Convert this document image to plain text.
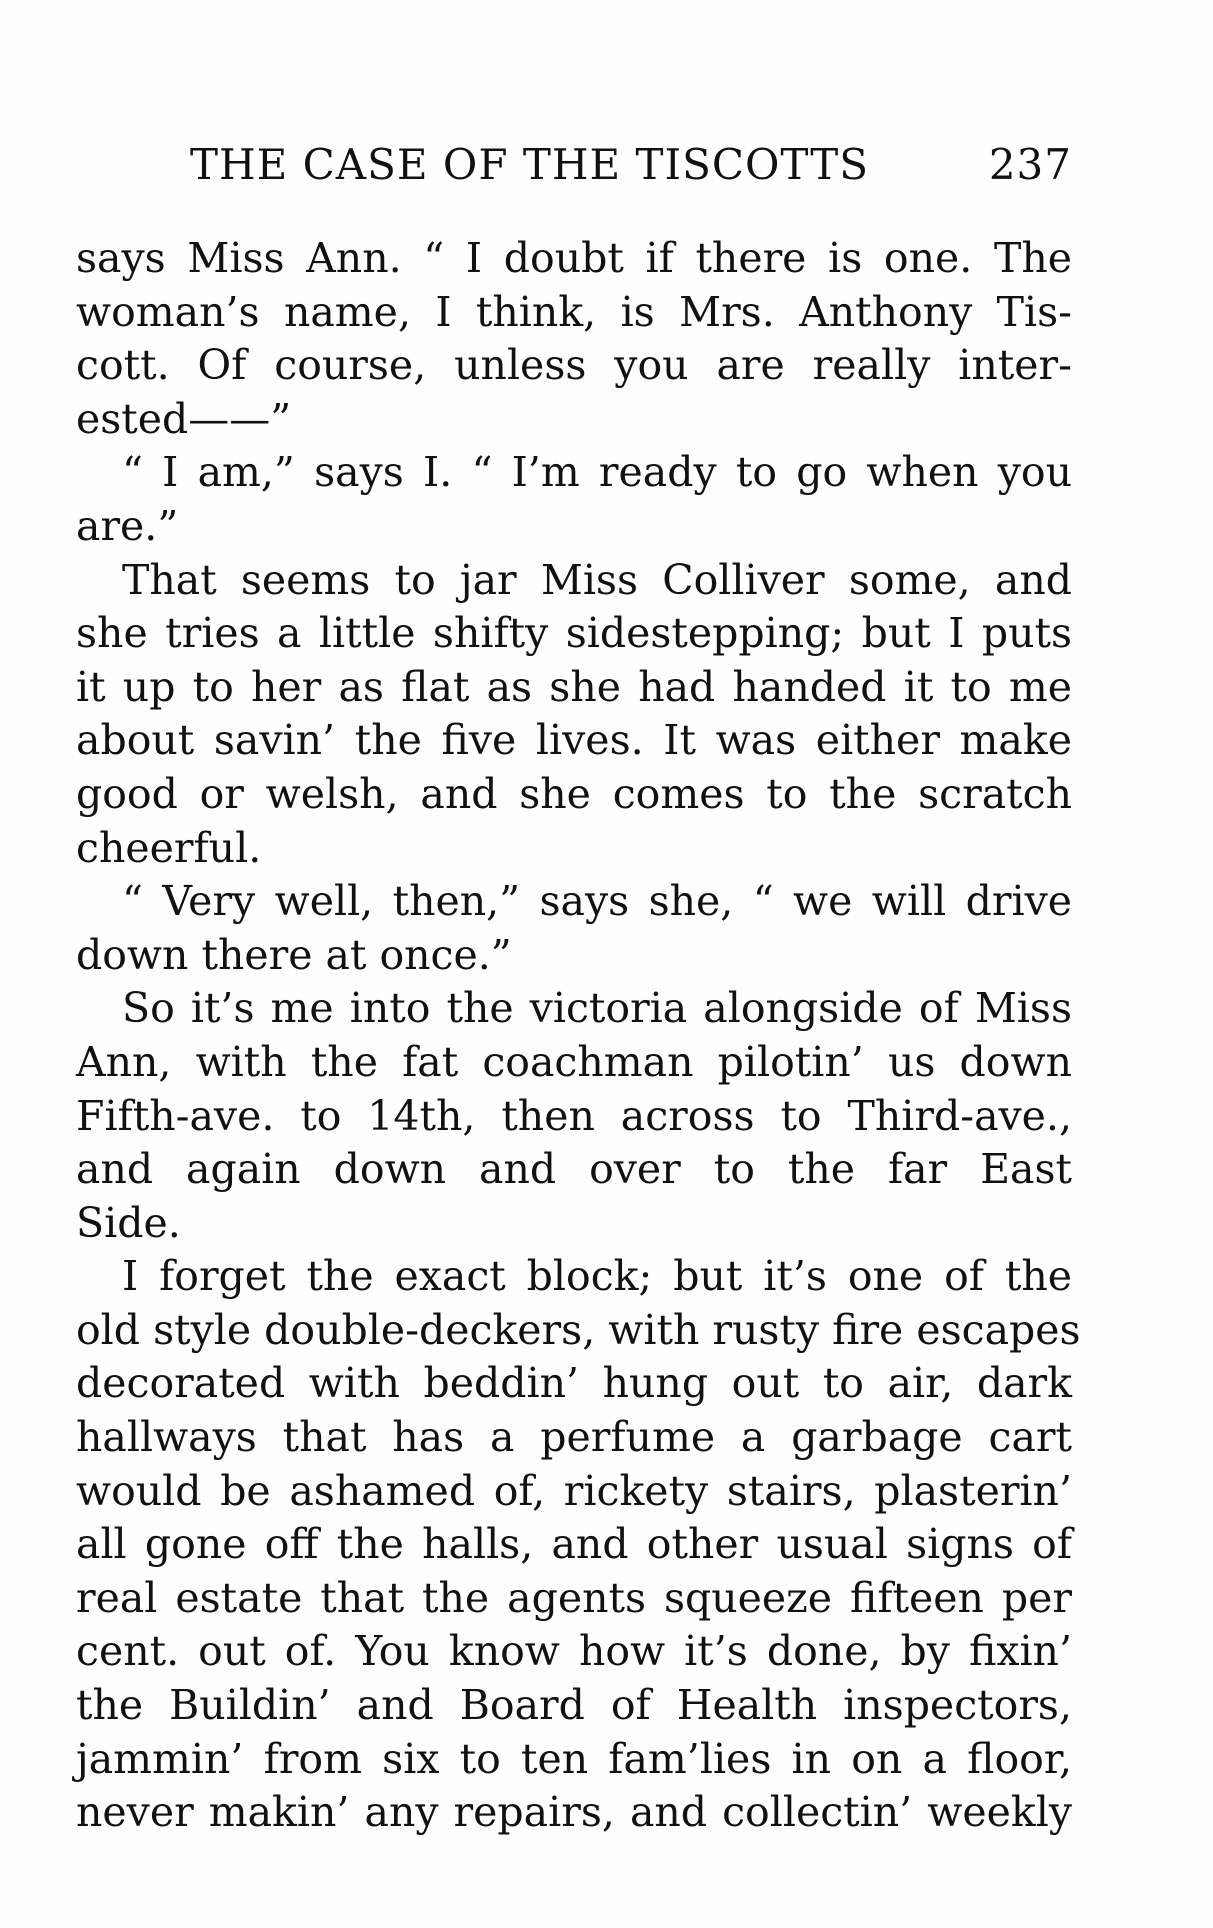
THE CASE OF THE TISCOTTS	237
says Miss Ann. “ I doubt if there is one. The
woman’s name, I think, is Mrs. Anthony Tis-
cott. Of course, unless you are really inter-
ested——”
“ I am,” says I. “ I’m ready to go when you
are.”
That seems to jar Miss Colliver some, and
she tries a little shifty sidestepping; but I puts
it up to her as flat as she had handed it to me
about savin’ the five lives. It was either make
good or welsh, and she comes to the scratch
cheerful.
“ Very well, then,” says she, “ we will drive
down there at once.”
So it’s me into the victoria alongside of Miss
Ann, with the fat coachman pilotin’ us down
Fifth-ave. to 14th, then across to Third-ave.,
and again down and over to the far East
Side.
I forget the exact block; but it’s one of the
old style double-deckers, with rusty fire escapes
decorated with beddin’ hung out to air, dark
hallways that has a perfume a garbage cart
would be ashamed of, rickety stairs, plasterin’
all gone off the halls, and other usual signs of
real estate that the agents squeeze fifteen per
cent. out of. You know how it’s done, by fixin’
the Buildin’ and Board of Health inspectors,
jammin’ from six to ten fam’lies in on a floor,
never makin’ any repairs, and collectin’ weekly
